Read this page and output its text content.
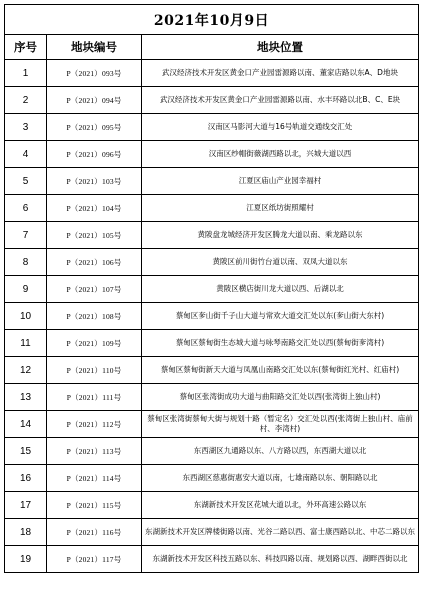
2021年10月9日		
序号	地块编号	地块位置
1	P（2021）093号	武汉经济技术开发区黄金口产业园雷源路以南、董家店路以东A、D地块
2	P（2021）094号	武汉经济技术开发区黄金口产业园雷源路以南、水丰环路以北B、C、E块
3	P（2021）095号	汉南区马影河大道与16号轨道交通线交汇处
4	P（2021）096号	汉南区纱帽街薇湖西路以北，兴城大道以西
5	P（2021）103号	江夏区庙山产业园幸福村
6	P（2021）104号	江夏区纸坊街照耀村
7	P（2021）105号	黄陂盘龙城经济开发区腾龙大道以南、乘龙路以东
8	P（2021）106号	黄陂区前川街竹台道以南、双凤大道以东
9	P（2021）107号	黄陂区横店街川龙大道以西、后湖以北
10	P（2021）108号	蔡甸区奓山街千子山大道与常欢大道交汇处以东(奓山街大东村)
11	P（2021）109号	蔡甸区蔡甸街生态城大道与咏琴南路交汇处以西(蔡甸街奓湾村)
12	P（2021）110号	蔡甸区蔡甸街新天大道与凤凰山南路交汇处以东(蔡甸街红光村、红庙村)
13	P（2021）111号	蔡甸区张湾街成功大道与曲阳路交汇处以西(张湾街上独山村)
14	P（2021）112号	蔡甸区张湾街蔡甸大街与规划十路（暂定名）交汇处以西(张湾街上独山村、庙前村、李湾村)
15	P（2021）113号	东西湖区九通路以东、八方路以西，东西湖大道以北
16	P（2021）114号	东西湖区慈惠街惠安大道以南，七雄南路以东、朝阳路以北
17	P（2021）115号	东湖新技术开发区花城大道以北，外环高速公路以东
18	P（2021）116号	东湖新技术开发区牌楼街路以南、光谷二路以西、富士康西路以北、中芯二路以东
19	P（2021）117号	东湖新技术开发区科技五路以东、科技四路以南、规划路以西、湖畔西街以北
